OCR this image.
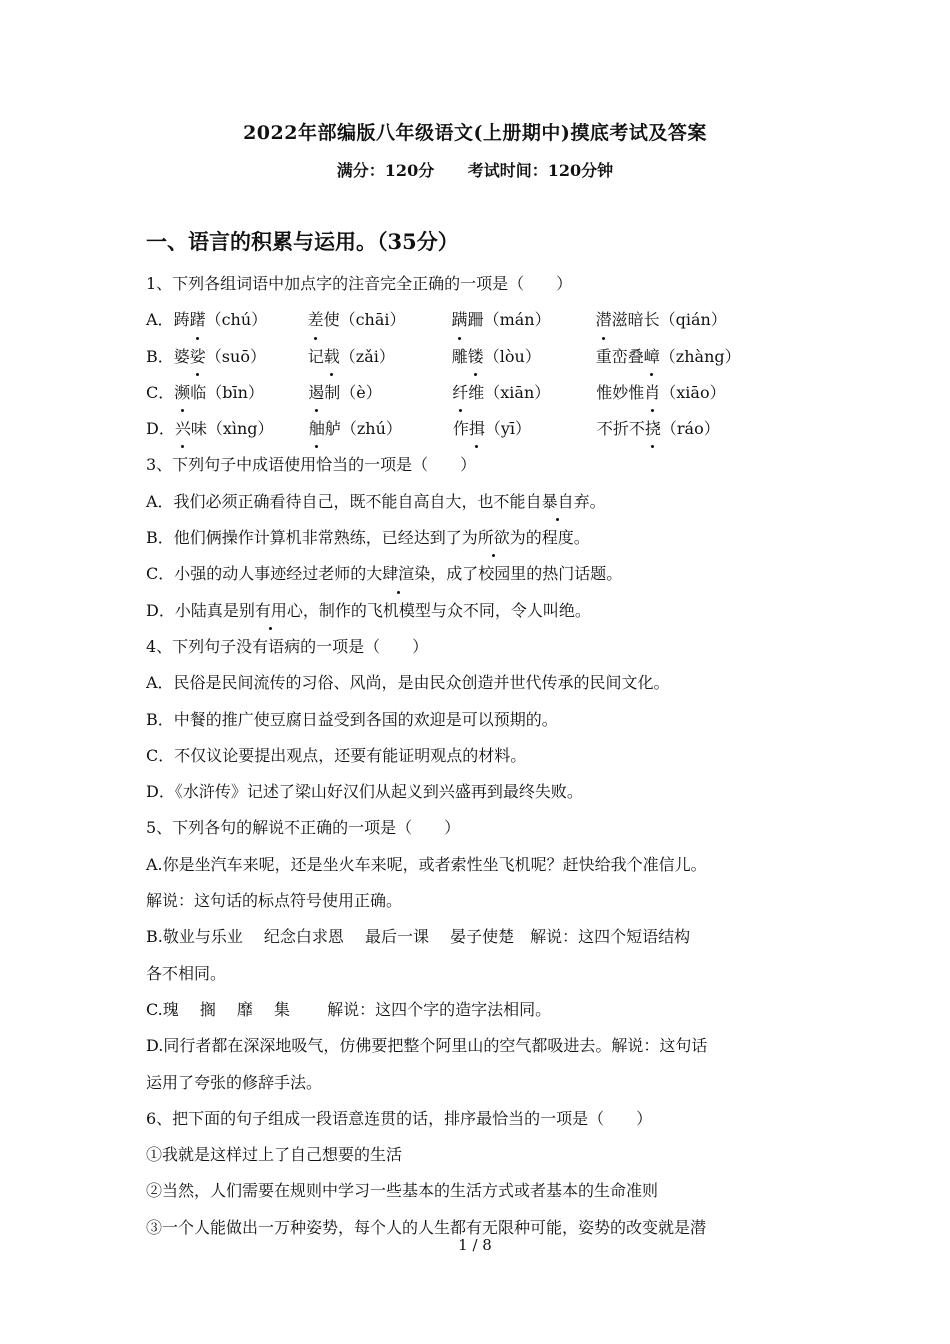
2022年部编版八年级语文(上册期中)摸底考试及答案
满分：120分 考试时间：120分钟
一、语言的积累与运用。（35分）
1、下列各组词语中加点字的注音完全正确的一项是（　　）
A．踌躇（chú）	差使（chāi）	蹒跚（mán）	潜滋暗长（qián）
B．婆娑（suō）	记载（zǎi）	雕镂（lòu）	重峦叠嶂（zhàng）
C．濒临（bīn）	遏制（è）	纤维（xiān）	惟妙惟肖（xiāo）
D．兴味（xìng） 舳舻（zhú）	作揖（yī）	不折不挠（ráo）
3、下列句子中成语使用恰当的一项是（　　）
A．我们必须正确看待自己，既不能自高自大，也不能自暴自弃。
B．他们俩操作计算机非常熟练，已经达到了为所欲为的程度。
C．小强的动人事迹经过老师的大肆渲染，成了校园里的热门话题。
D．小陆真是别有用心，制作的飞机模型与众不同，令人叫绝。
4、下列句子没有语病的一项是（　　）
A．民俗是民间流传的习俗、风尚，是由民众创造并世代传承的民间文化。
B．中餐的推广使豆腐日益受到各国的欢迎是可以预期的。
C．不仅议论要提出观点，还要有能证明观点的材料。
D．《水浒传》记述了梁山好汉们从起义到兴盛再到最终失败。
5、下列各句的解说不正确的一项是（　　）
A.你是坐汽车来呢，还是坐火车来呢，或者索性坐飞机呢？赶快给我个准信儿。
解说：这句话的标点符号使用正确。
B.敬业与乐业　 纪念白求恩　 最后一课　 晏子使楚　解说：这四个短语结构
各不相同。
C.瑰　 搁　 靡　 集　　 解说：这四个字的造字法相同。
D.同行者都在深深地吸气，仿佛要把整个阿里山的空气都吸进去。解说：这句话
运用了夸张的修辞手法。
6、把下面的句子组成一段语意连贯的话，排序最恰当的一项是（　　）
①我就是这样过上了自己想要的生活
②当然，人们需要在规则中学习一些基本的生活方式或者基本的生命准则
③一个人能做出一万种姿势，每个人的人生都有无限种可能，姿势的改变就是潜
1 / 8
